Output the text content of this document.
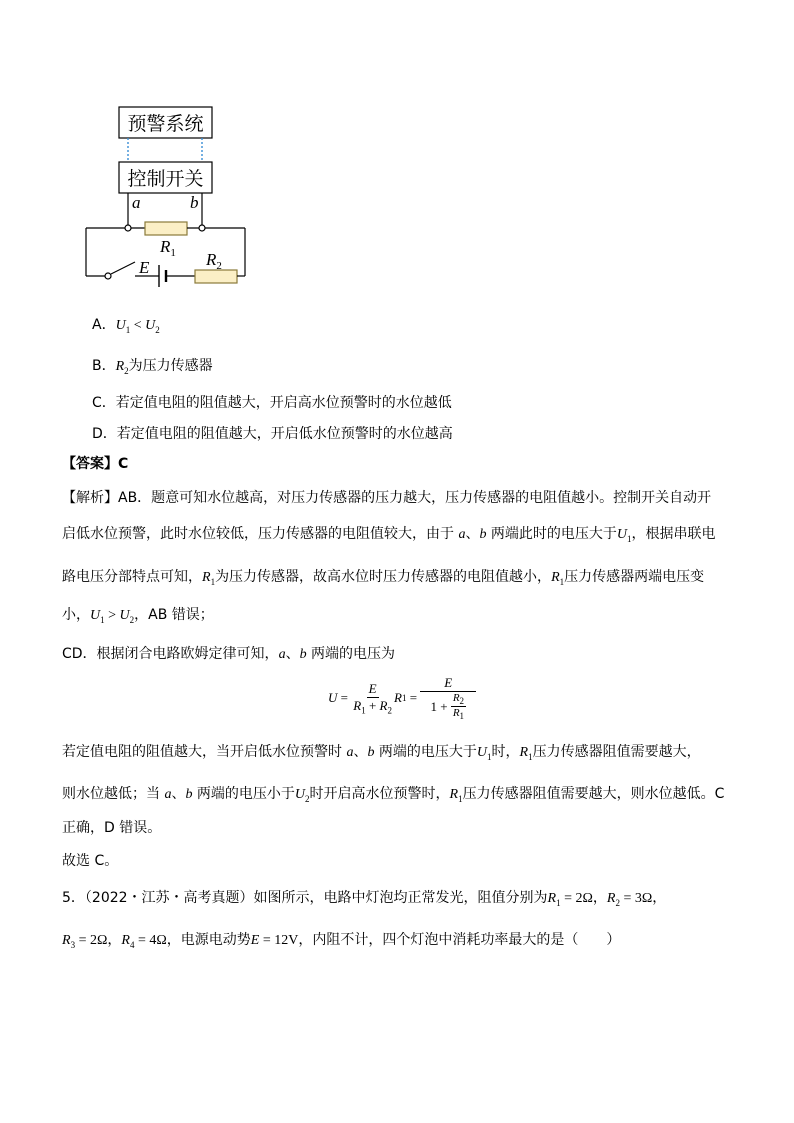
预警系统
控制开关
a	b
$R_1$
E	$R_2$
A．$U_1 < U_2$
B．$R_2$为压力传感器
C．若定值电阻的阻值越大，开启高水位预警时的水位越低
D．若定值电阻的阻值越大，开启低水位预警时的水位越高
【答案】C
【解析】AB．题意可知水位越高，对压力传感器的压力越大，压力传感器的电阻值越小。控制开关自动开
启低水位预警，此时水位较低，压力传感器的电阻值较大，由于 a、b 两端此时的电压大于$U_1$，根据串联电
路电压分部特点可知，$R_1$为压力传感器，故高水位时压力传感器的电阻值越小，$R_1$压力传感器两端电压变
小，$U_1 > U_2$，AB 错误；
CD．根据闭合电路欧姆定律可知，a、b 两端的电压为
$U = \frac{E}{R_1 + R_2}$ R $1 = \frac{E}{1 + \frac{R_2}{R_1}}$
若定值电阻的阻值越大，当开启低水位预警时 a、b 两端的电压大于$U_1$时，$R_1$压力传感器阻值需要越大，
则水位越低；当 a、b 两端的电压小于$U_2$时开启高水位预警时，$R_1$压力传感器阻值需要越大，则水位越低。C
正确，D 错误。
故选 C。
5．（2022・江苏・高考真题）如图所示，电路中灯泡均正常发光，阻值分别为$R_1 = 2\Omega$，$R_2 = 3\Omega$，
$R_3 = 2\Omega$，$R_4 = 4\Omega$，电源电动势E = 12V，内阻不计，四个灯泡中消耗功率最大的是（　　）
